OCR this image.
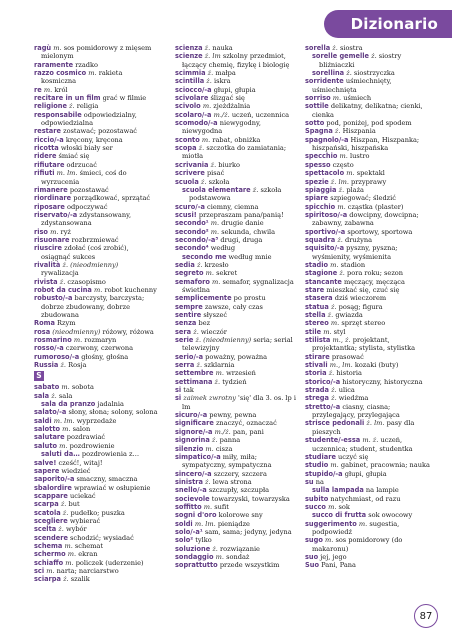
Dizionario
ragù m. sos pomidorowy z mięsem mielonym
raramente rzadko
razzo cosmico m. rakieta kosmiczna
re m. król
recitare in un film grać w filmie
religione ż. religia
responsabile odpowiedzialny, odpowiedzialna
restare zostawać; pozostawać
riccio/-a kręcony, kręcona
ricotta włoski biały ser
ridere śmiać się
rifiutare odrzucać
rifiuti m. lm. śmieci, coś do wyrzucenia
rimanere pozostawać
riordinare porządkować, sprzątać
riposare odpoczywać
riservato/-a zdystansowany, zdystansowana
riso m. ryż
risuonare rozbrzmiewać
riuscire zdołać (coś zrobić), osiągnąć sukces
rivalità ż. (nieodmienny) rywalizacja
rivista ż. czasopismo
robot da cucina m. robot kuchenny
robusto/-a barczysty, barczysta; dobrze zbudowany, dobrze zbudowana
Roma Rzym
rosa (nieodmienny) różowy, różowa
rosmarino m. rozmaryn
rosso/-a czerwony, czerwona
rumoroso/-a głośny, głośna
Russia ż. Rosja
S
sabato m. sobota
sala ż. sala
sala da pranzo jadalnia
salato/-a słony, słona; solony, solona
saldi m. lm. wyprzedaże
salotto m. salon
salutare pozdrawiać
saluto m. pozdrowienie
saluti da… pozdrowienia z…
salve! cześć!, witaj!
sapere wiedzieć
saporito/-a smaczny, smaczna
sbalordire wprawiać w osłupienie
scappare uciekać
scarpa ż. but
scatola ż. pudełko; puszka
scegliere wybierać
scelta ż. wybór
scendere schodzić; wysiadać
schema m. schemat
schermo m. ekran
schiaffo m. policzek (uderzenie)
sci m. narta; narciarstwo
sciarpa ż. szalik
scienza ż. nauka
scienze ż. lm szkolny przedmiot, łączący chemię, fizykę i biologię
scimmia ż. małpa
scintilla ż. iskra
sciocco/-a głupi, głupia
scivolare ślizgać się
scivolo m. zjeżdżalnia
scolaro/-a m./ż. uczeń, uczennica
scomodo/-a niewygodny, niewygodna
sconto m. rabat, obniżka
scopa ż. szczotka do zamiatania; miotła
scrivania ż. biurko
scrivere pisać
scuola ż. szkoła
scuola elementare ż. szkoła podstawowa
scuro/-a ciemny, ciemna
scusi! przepraszam pana/panią!
secondo¹ m. drugie danie
secondo² m. sekunda, chwila
secondo/-a³ drugi, druga
secondo⁴ według
secondo me według mnie
sedia ż. krzesło
segreto m. sekret
semaforo m. semafor, sygnalizacja świetlna
semplicemente po prostu
sempre zawsze, cały czas
sentire słyszeć
senza bez
sera ż. wieczór
serie ż. (nieodmienny) seria; serial telewizyjny
serio/-a poważny, poważna
serra ż. szklarnia
settembre m. wrzesień
settimana ż. tydzień
si tak
si zaimek zwrotny 'się' dla 3. os. lp i lm
sicuro/-a pewny, pewna
significare znaczyć, oznaczać
signore/-a m./ż. pan, pani
signorina ż. panna
silenzio m. cisza
simpatico/-a miły, miła; sympatyczny, sympatyczna
sincero/-a szczery, szczera
sinistra ż. lewa strona
snello/-a szczupły, szczupła
socievole towarzyski, towarzyska
soffitto m. sufit
sogni d'oro kolorowe sny
soldi m. lm. pieniądze
solo/-a¹ sam, sama; jedyny, jedyna
solo² tylko
soluzione ż. rozwiązanie
sondaggio m. sondaż
soprattutto przede wszystkim
sorella ż. siostra
sorelle gemelle ż. siostry bliźniaczki
sorellina ż. siostrzyczka
sorridente uśmiechnięty, uśmiechnięta
sorriso m. uśmiech
sottile delikatny, delikatna; cienki, cienka
sotto pod, poniżej, pod spodem
Spagna ż. Hiszpania
spagnolo/-a Hiszpan, Hiszpanka; hiszpański, hiszpańska
specchio m. lustro
spesso często
spettacolo m. spektakl
spezie ż. lm. przyprawy
spiaggia ż. plaża
spiare szpiegować; śledzić
spicchio m. cząstka (plaster)
spiritoso/-a dowcipny, dowcipna; zabawny, zabawna
sportivo/-a sportowy, sportowa
squadra ż. drużyna
squisito/-a pyszny, pyszna; wyśmienity, wyśmienita
stadio m. stadion
stagione ż. pora roku; sezon
stancante męczący, męcząca
stare mieszkać się, czuć się
stasera dziś wieczorem
statua ż. posąg; figura
stella ż. gwiazda
stereo m. sprzęt stereo
stile m. styl
stilista m., ż. projektant, projektantka; stylista, stylistka
stirare prasować
stivali m., lm. kozaki (buty)
storia ż. historia
storico/-a historyczny, historyczna
strada ż. ulica
strega ż. wiedźma
stretto/-a ciasny, ciasna; przylegający, przylegająca
strisce pedonali ż. lm. pasy dla pieszych
studente/-essa m. ż. uczeń, uczennica; student, studentka
studiare uczyć się
studio m. gabinet, pracownia; nauka
stupido/-a głupi, głupia
su na
sulla lampada na lampie
subito natychmiast, od razu
succo m. sok
succo di frutta sok owocowy
suggerimento m. sugestia, podpowiedź
sugo m. sos pomidorowy (do makaronu)
suo jej, jego
Suo Pani, Pana
87
